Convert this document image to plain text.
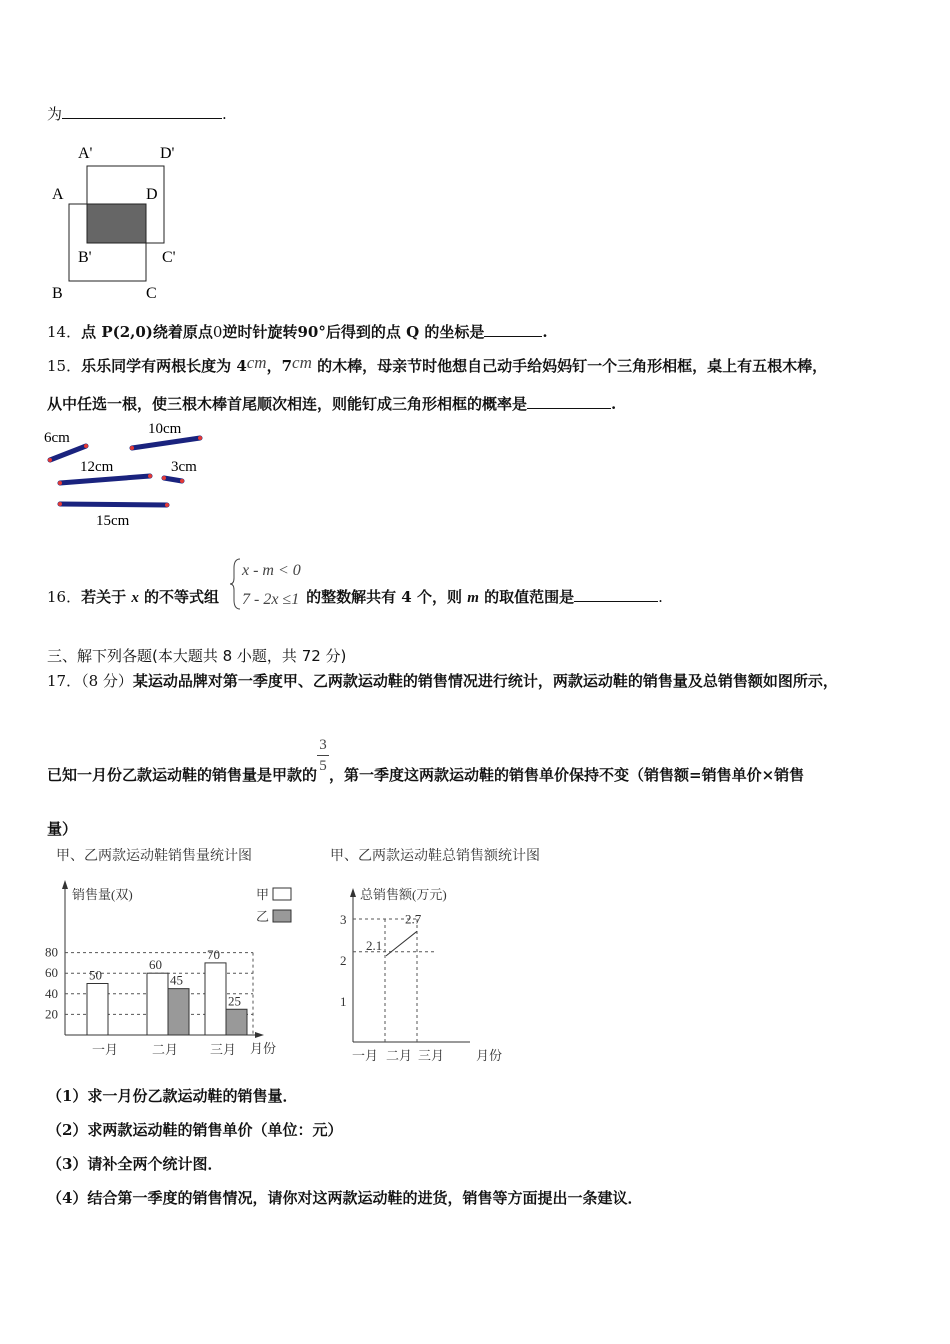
为	.
A'	D'
A	D
B'	C'
B	C
14．点 P(2,0)绕着原点0逆时针旋转90°后得到的点 Q 的坐标是	.
15．乐乐同学有两根长度为 4cm，7cm 的木棒，母亲节时他想自己动手给妈妈钉一个三角形相框，桌上有五根木棒，
从中任选一根，使三根木棒首尾顺次相连，则能钉成三角形相框的概率是	.
6cm
10cm
12cm	3cm
15cm
16．若关于 x 的不等式组	的整数解共有 4 个，则 m 的取值范围是	.
x - m < 0
7 - 2x ≤1
三、解下列各题(本大题共 8 小题，共 72 分)
17．（8 分）某运动品牌对第一季度甲、乙两款运动鞋的销售情况进行统计，两款运动鞋的销售量及总销售额如图所示，
已知一月份乙款运动鞋的销售量是甲款的 $\frac{3}{5}$ ，第一季度这两款运动鞋的销售单价保持不变（销售额=销售单价×销售
量）
甲、乙两款运动鞋销售量统计图
销售量(双)
月份
甲
乙
80
60
40
20
50
60
45
70
25
一月	二月 三月
甲、乙两款运动鞋总销售额统计图
总销售额(万元)
月份
3
2
1
2.1
2.7
一月 二月 三月
（1）求一月份乙款运动鞋的销售量．
（2）求两款运动鞋的销售单价（单位：元）
（3）请补全两个统计图．
（4）结合第一季度的销售情况，请你对这两款运动鞋的进货，销售等方面提出一条建议．
